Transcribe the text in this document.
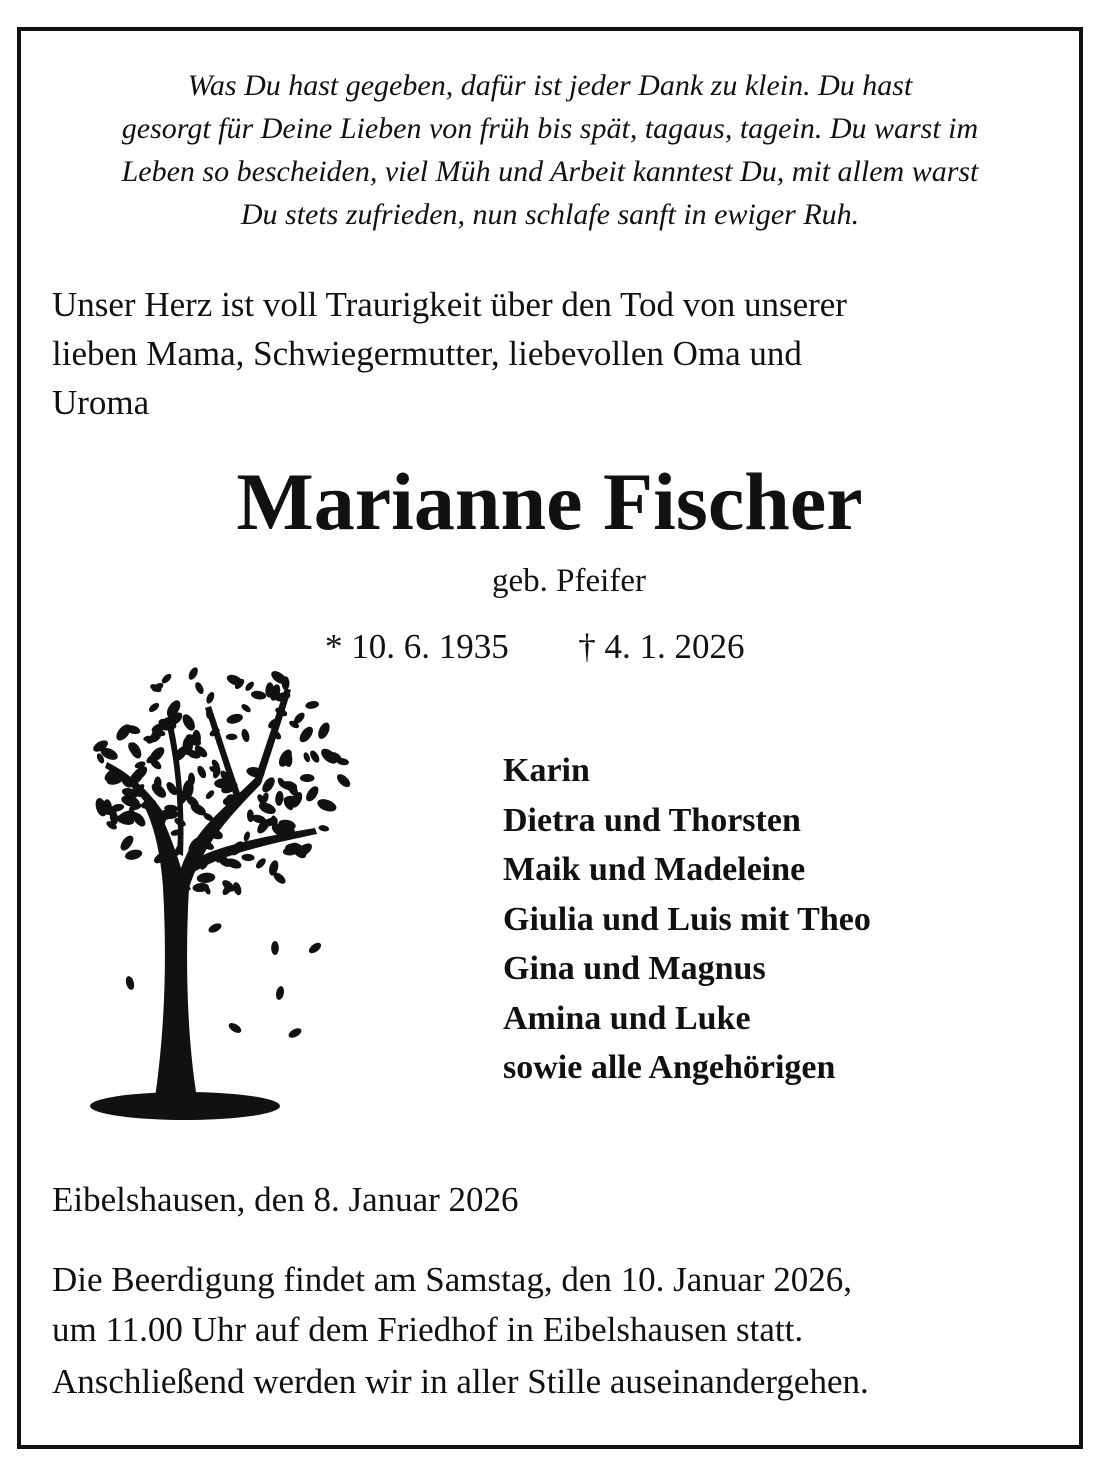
Was Du hast gegeben, dafür ist jeder Dank zu klein. Du hast
gesorgt für Deine Lieben von früh bis spät, tagaus, tagein. Du warst im
Leben so bescheiden, viel Müh und Arbeit kanntest Du, mit allem warst
Du stets zufrieden, nun schlafe sanft in ewiger Ruh.
Unser Herz ist voll Traurigkeit über den Tod von unserer
lieben Mama, Schwiegermutter, liebevollen Oma und
Uroma
Marianne Fischer
geb. Pfeifer
* 10. 6. 1935 † 4. 1. 2026
Karin
Dietra und Thorsten
Maik und Madeleine
Giulia und Luis mit Theo
Gina und Magnus
Amina und Luke
sowie alle Angehörigen
Eibelshausen, den 8. Januar 2026
Die Beerdigung findet am Samstag, den 10. Januar 2026,
um 11.00 Uhr auf dem Friedhof in Eibelshausen statt.
Anschließend werden wir in aller Stille auseinandergehen.
